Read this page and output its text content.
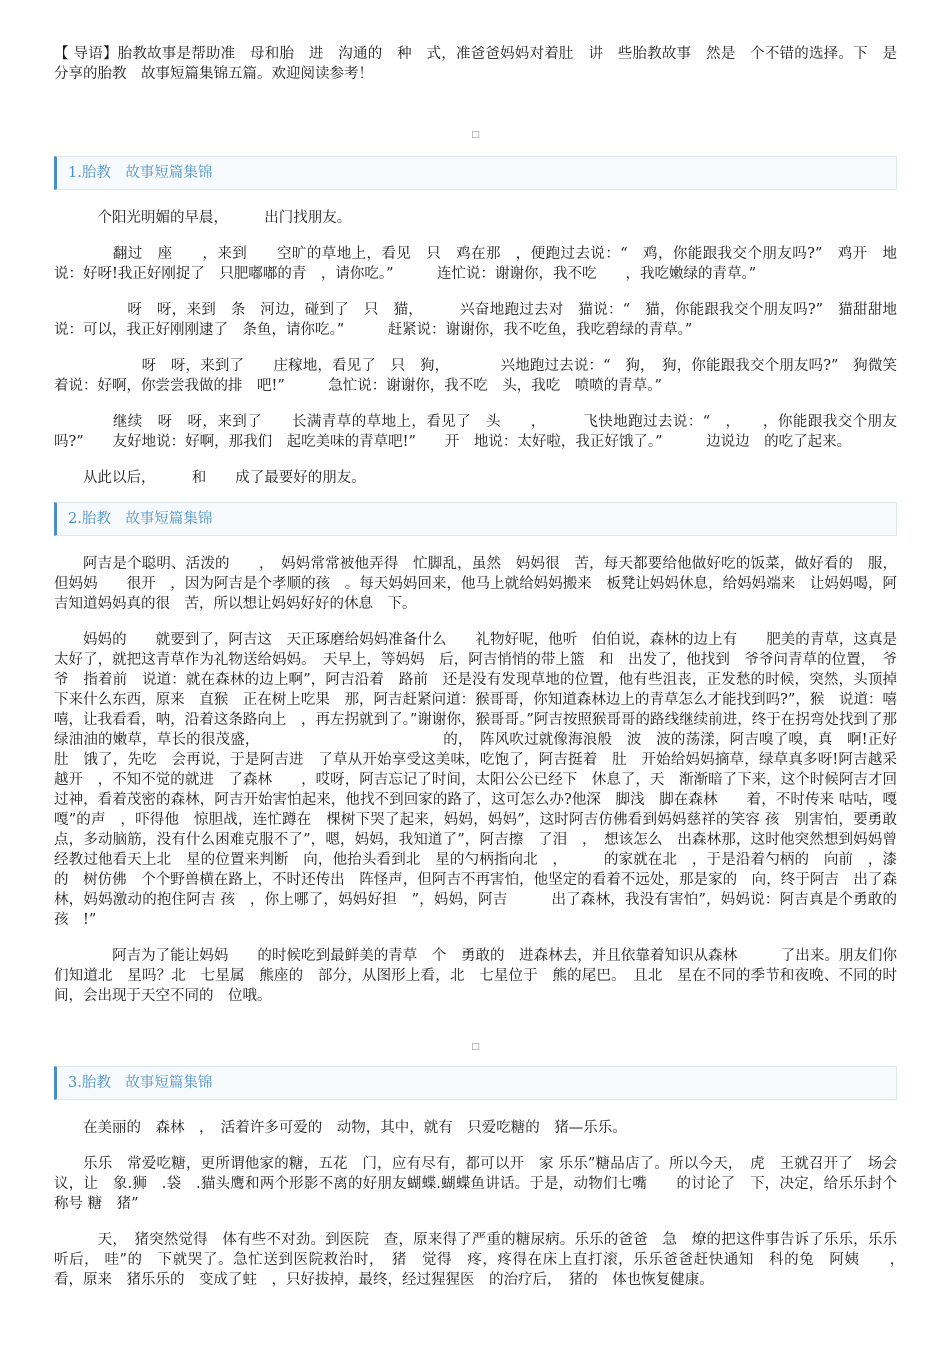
【 导语】胎教故事是帮助准　母和胎　进　沟通的　种　式，准爸爸妈妈对着肚　讲　些胎教故事　然是　个不错的选择。下　是分享的胎教　故事短篇集锦五篇。欢迎阅读参考！

□
1.胎教　故事短篇集锦

　个阳光明媚的早晨，　　　出门找朋友。

　　翻过　座　　，来到　　空旷的草地上，看见　只　鸡在那　，便跑过去说：“　鸡，你能跟我交个朋友吗?”　鸡开　地说：好呀!我正好刚捉了　只肥嘟嘟的青　，请你吃。”　　　连忙说：谢谢你，我不吃　　，我吃嫩绿的青草。”

　　　呀　呀，来到　条　河边，碰到了　只　猫，　　　兴奋地跑过去对　猫说：“　猫，你能跟我交个朋友吗?”　猫甜甜地说：可以，我正好刚刚逮了　条鱼，请你吃。”　　　赶紧说：谢谢你，我不吃鱼，我吃碧绿的青草。”

　　　　呀　呀，来到了　　庄稼地，看见了　只　狗，　　　　兴地跑过去说：“　狗，　狗，你能跟我交个朋友吗?”　狗微笑着说：好啊，你尝尝我做的排　吧!”　　　急忙说：谢谢你，我不吃　头，我吃　喷喷的青草。”

　　继续　呀　呀，来到了　　长满青草的草地上，看见了　头　　，　　　飞快地跑过去说：“　，　　，你能跟我交个朋友吗?”　　友好地说：好啊，那我们　起吃美味的青草吧!”　　开　地说：太好啦，我正好饿了。”　　　边说边　的吃了起来。

从此以后，　　　和　　成了最要好的朋友。

2.胎教　故事短篇集锦

阿吉是个聪明、活泼的　　，　妈妈常常被他弄得　忙脚乱，虽然　妈妈很　苦，每天都要给他做好吃的饭菜，做好看的　服，但妈妈　　很开　，因为阿吉是个孝顺的孩　。每天妈妈回来，他马上就给妈妈搬来　板凳让妈妈休息，给妈妈端来　让妈妈喝，阿吉知道妈妈真的很　苦，所以想让妈妈好好的休息　下。

妈妈的　　就要到了，阿吉这　天正琢磨给妈妈准备什么　　礼物好呢，他听　伯伯说，森林的边上有　　肥美的青草，这真是太好了，就把这青草作为礼物送给妈妈。　天早上，等妈妈　后，阿吉悄悄的带上篮　和　出发了，他找到　爷爷问青草的位置，　爷爷　指着前　说道：就在森林的边上啊”，阿吉沿着　路前　还是没有发现草地的位置，他有些沮丧，正发愁的时候，突然，头顶掉下来什么东西，原来　直猴　正在树上吃果　那，阿吉赶紧问道：猴哥哥，你知道森林边上的青草怎么才能找到吗?”，猴　说道：嘻嘻，让我看看，呐，沿着这条路向上　，再左拐就到了。”谢谢你，猴哥哥。”阿吉按照猴哥哥的路线继续前进，终于在拐弯处找到了那　绿油油的嫩草，草长的很茂盛，　　　　　　　　　　　　　的，　阵风吹过就像海浪般　波　波的荡漾，阿吉嗅了嗅，真　啊!正好肚　饿了，先吃　会再说，于是阿吉进　了草从开始享受这美味，吃饱了，阿吉挺着　肚　开始给妈妈摘草，绿草真多呀!阿吉越采越开　，不知不觉的就进　了森林　　，哎呀，阿吉忘记了时间，太阳公公已经下　休息了，天　渐渐暗了下来，这个时候阿吉才回过神，看着茂密的森林，阿吉开始害怕起来，他找不到回家的路了，这可怎么办?他深　脚浅　脚在森林　　着，不时传来 咕咕，嘎嘎”的声　，吓得他　惊胆战，连忙蹲在　棵树下哭了起来，妈妈，妈妈”，这时阿吉仿佛看到妈妈慈祥的笑容 孩　别害怕，要勇敢　点，多动脑筋，没有什么困难克服不了”，嗯，妈妈，我知道了”，阿吉擦　了泪　，　想该怎么　出森林那，这时他突然想到妈妈曾经教过他看天上北　星的位置来判断　向，他抬头看到北　星的勺柄指向北　，　　　的家就在北　，于是沿着勺柄的　向前　，漆　的　树仿佛　个个野兽横在路上，不时还传出　阵怪声，但阿吉不再害怕，他坚定的看着不远处，那是家的　向，终于阿吉　出了森林，妈妈激动的抱住阿吉 孩　，你上哪了，妈妈好担　”，妈妈，阿吉　　　出了森林，我没有害怕”，妈妈说：阿吉真是个勇敢的孩　!”

　　阿吉为了能让妈妈　　的时候吃到最鲜美的青草　个　勇敢的　进森林去，并且依靠着知识从森林　　　了出来。朋友们你们知道北　星吗？北　七星属　熊座的　部分，从图形上看，北　七星位于　熊的尾巴。　且北　星在不同的季节和夜晚、不同的时间，会出现于天空不同的　位哦。

□
3.胎教　故事短篇集锦

在美丽的　森林　，　活着许多可爱的　动物，其中，就有　只爱吃糖的　猪—乐乐。

乐乐　常爱吃糖，更所谓他家的糖，五花　门，应有尽有，都可以开　家 乐乐”糖品店了。所以今天，　虎　王就召开了　场会议，让　象.狮　.袋　.猫头鹰和两个形影不离的好朋友蝴蝶.蝴蝶鱼讲话。于是，动物们七嘴　　的讨论了　下，决定，给乐乐封个称号 糖　猪”

　天，　猪突然觉得　体有些不对劲。到医院　查，原来得了严重的糖尿病。乐乐的爸爸　急　燎的把这件事告诉了乐乐，乐乐听后， 哇”的　下就哭了。急忙送到医院救治时，　猪　觉得　疼，疼得在床上直打滚，乐乐爸爸赶快通知　科的兔　阿姨　　，　　　看，原来　猪乐乐的　变成了蛀　，只好拔掉，最终，经过猩猩医　的治疗后，　猪的　体也恢复健康。
